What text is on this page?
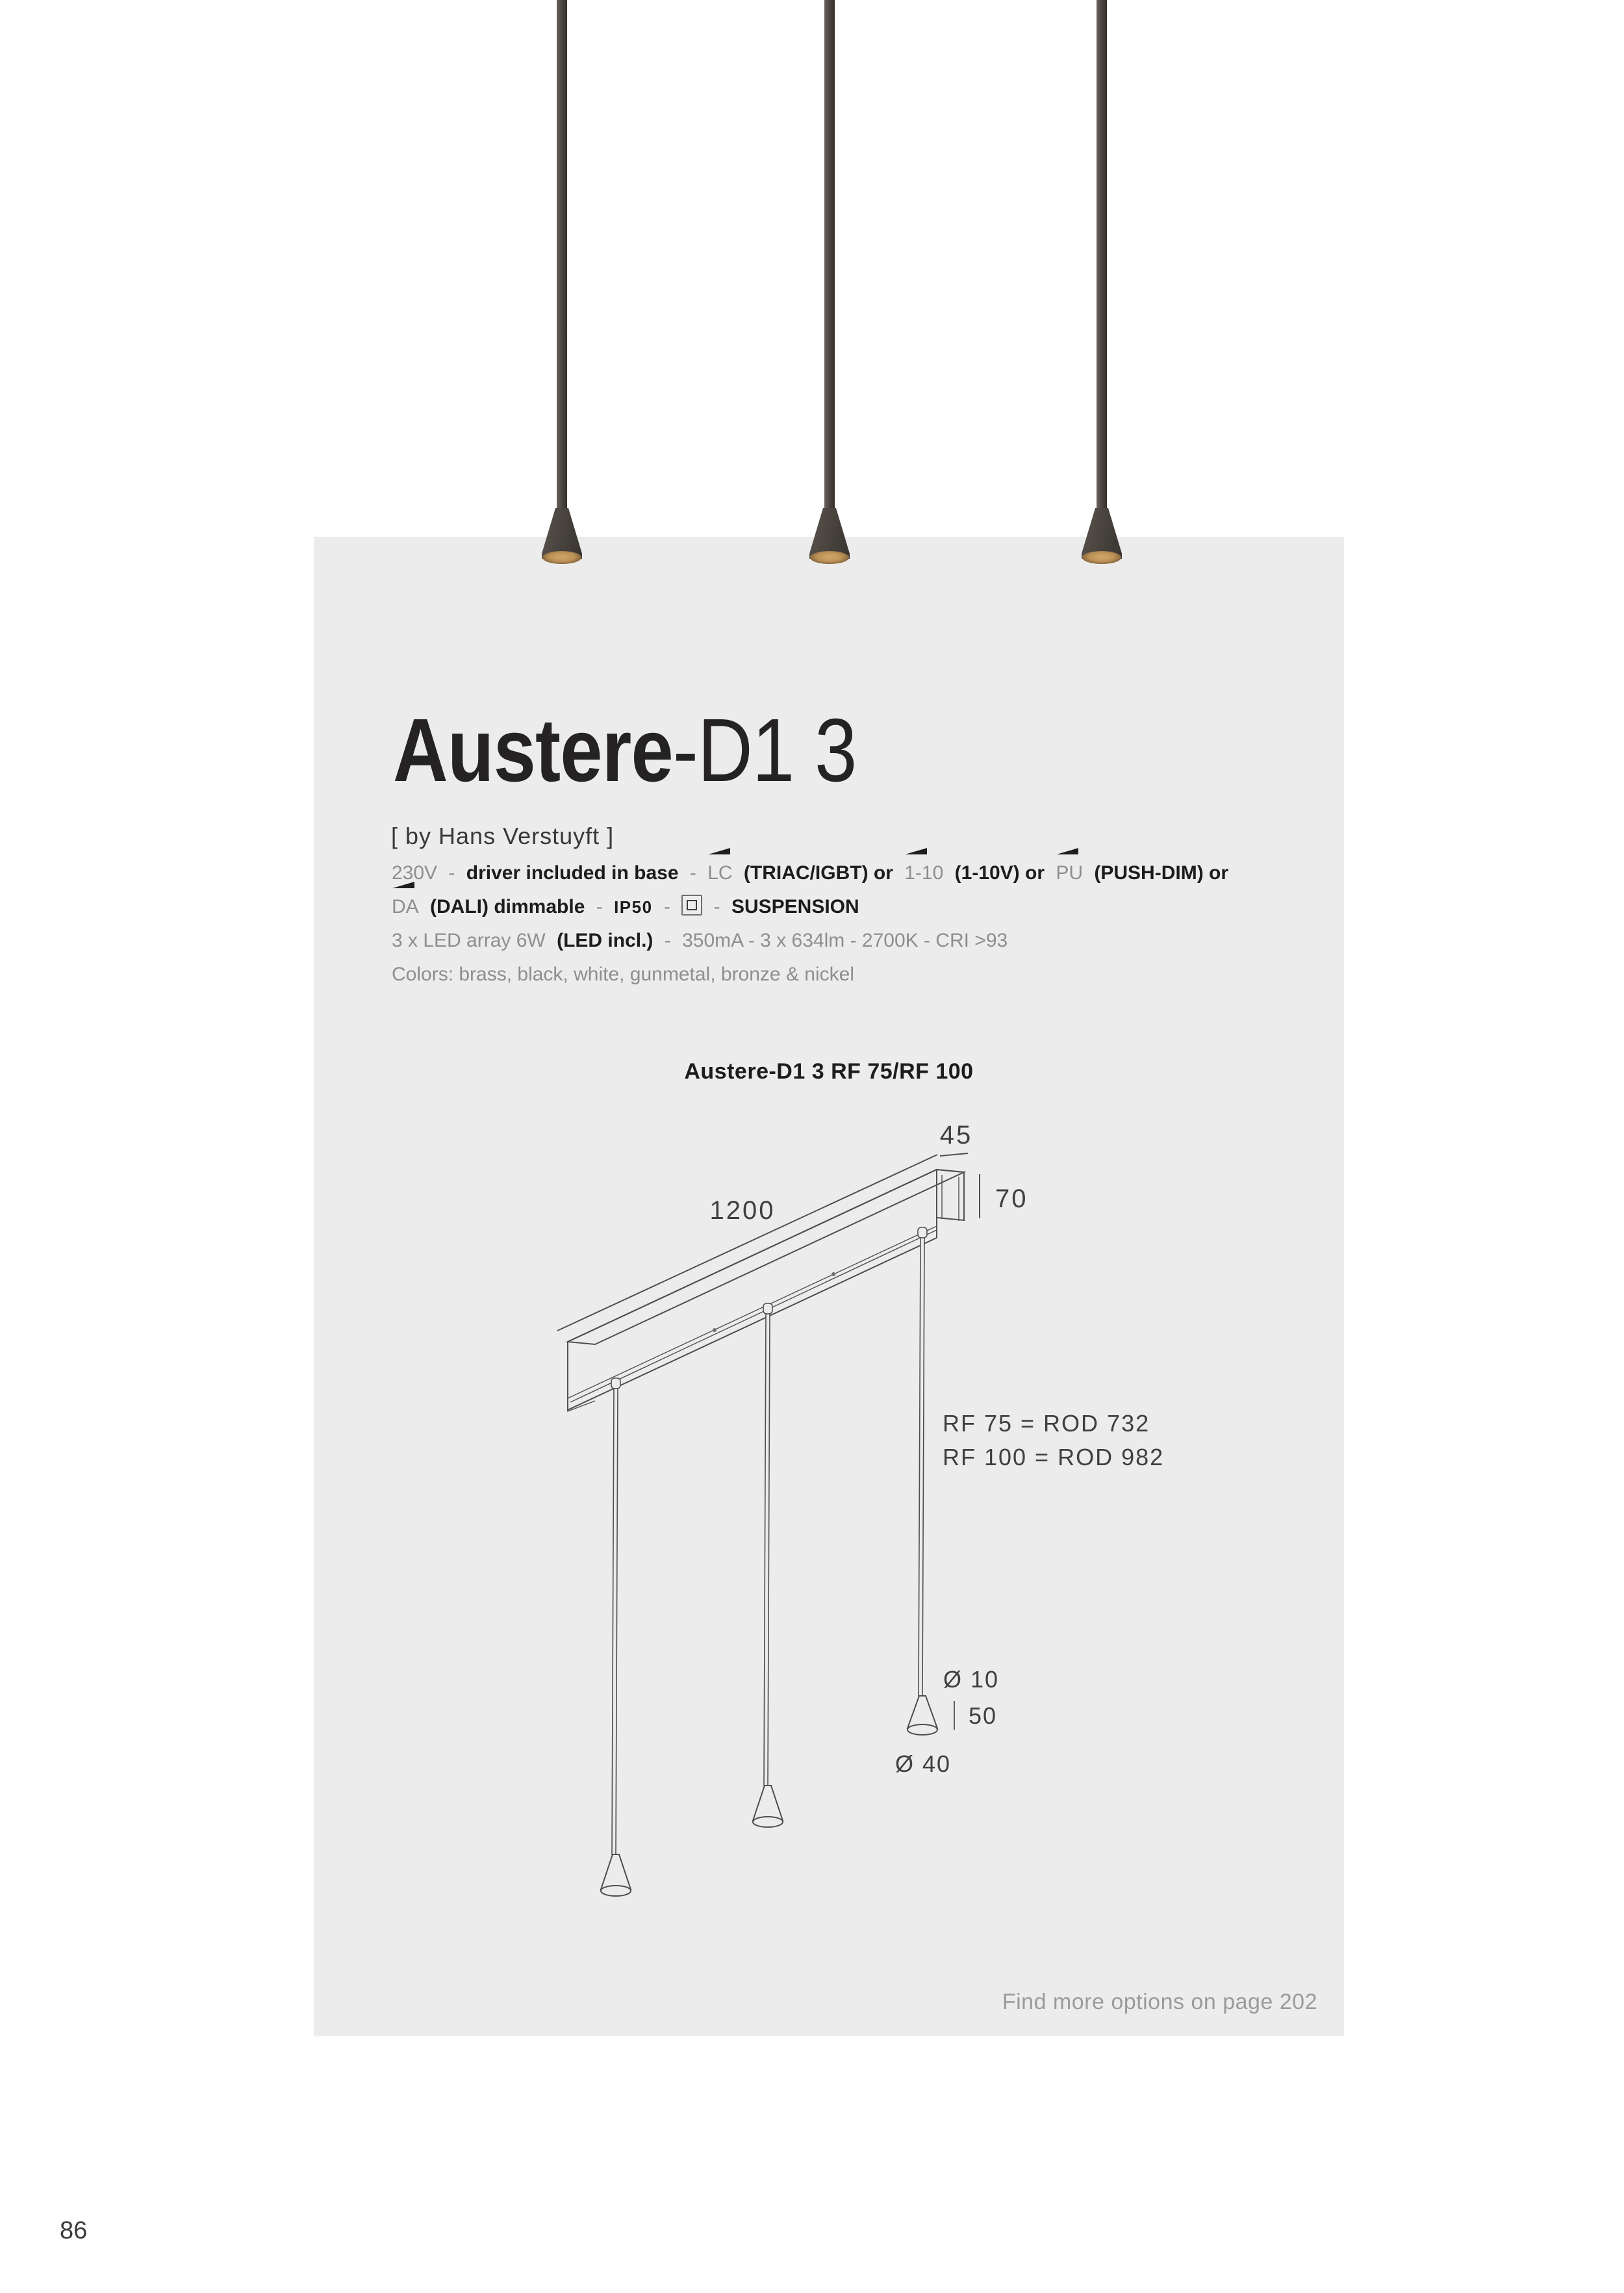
Austere-D1 3
[ by Hans Verstuyft ]
230V - driver included in base - LC (TRIAC/IGBT) or 1-10 (1-10V) or PU (PUSH-DIM) or
DA (DALI) dimmable - IP50 - - SUSPENSION
3 x LED array 6W (LED incl.) - 350mA - 3 x 634lm - 2700K - CRI >93
Colors: brass, black, white, gunmetal, bronze & nickel
Austere-D1 3 RF 75/RF 100
1200
45
70
RF 75 = ROD 732
RF 100 = ROD 982
Ø 10
50
Ø 40
Find more options on page 202
86
